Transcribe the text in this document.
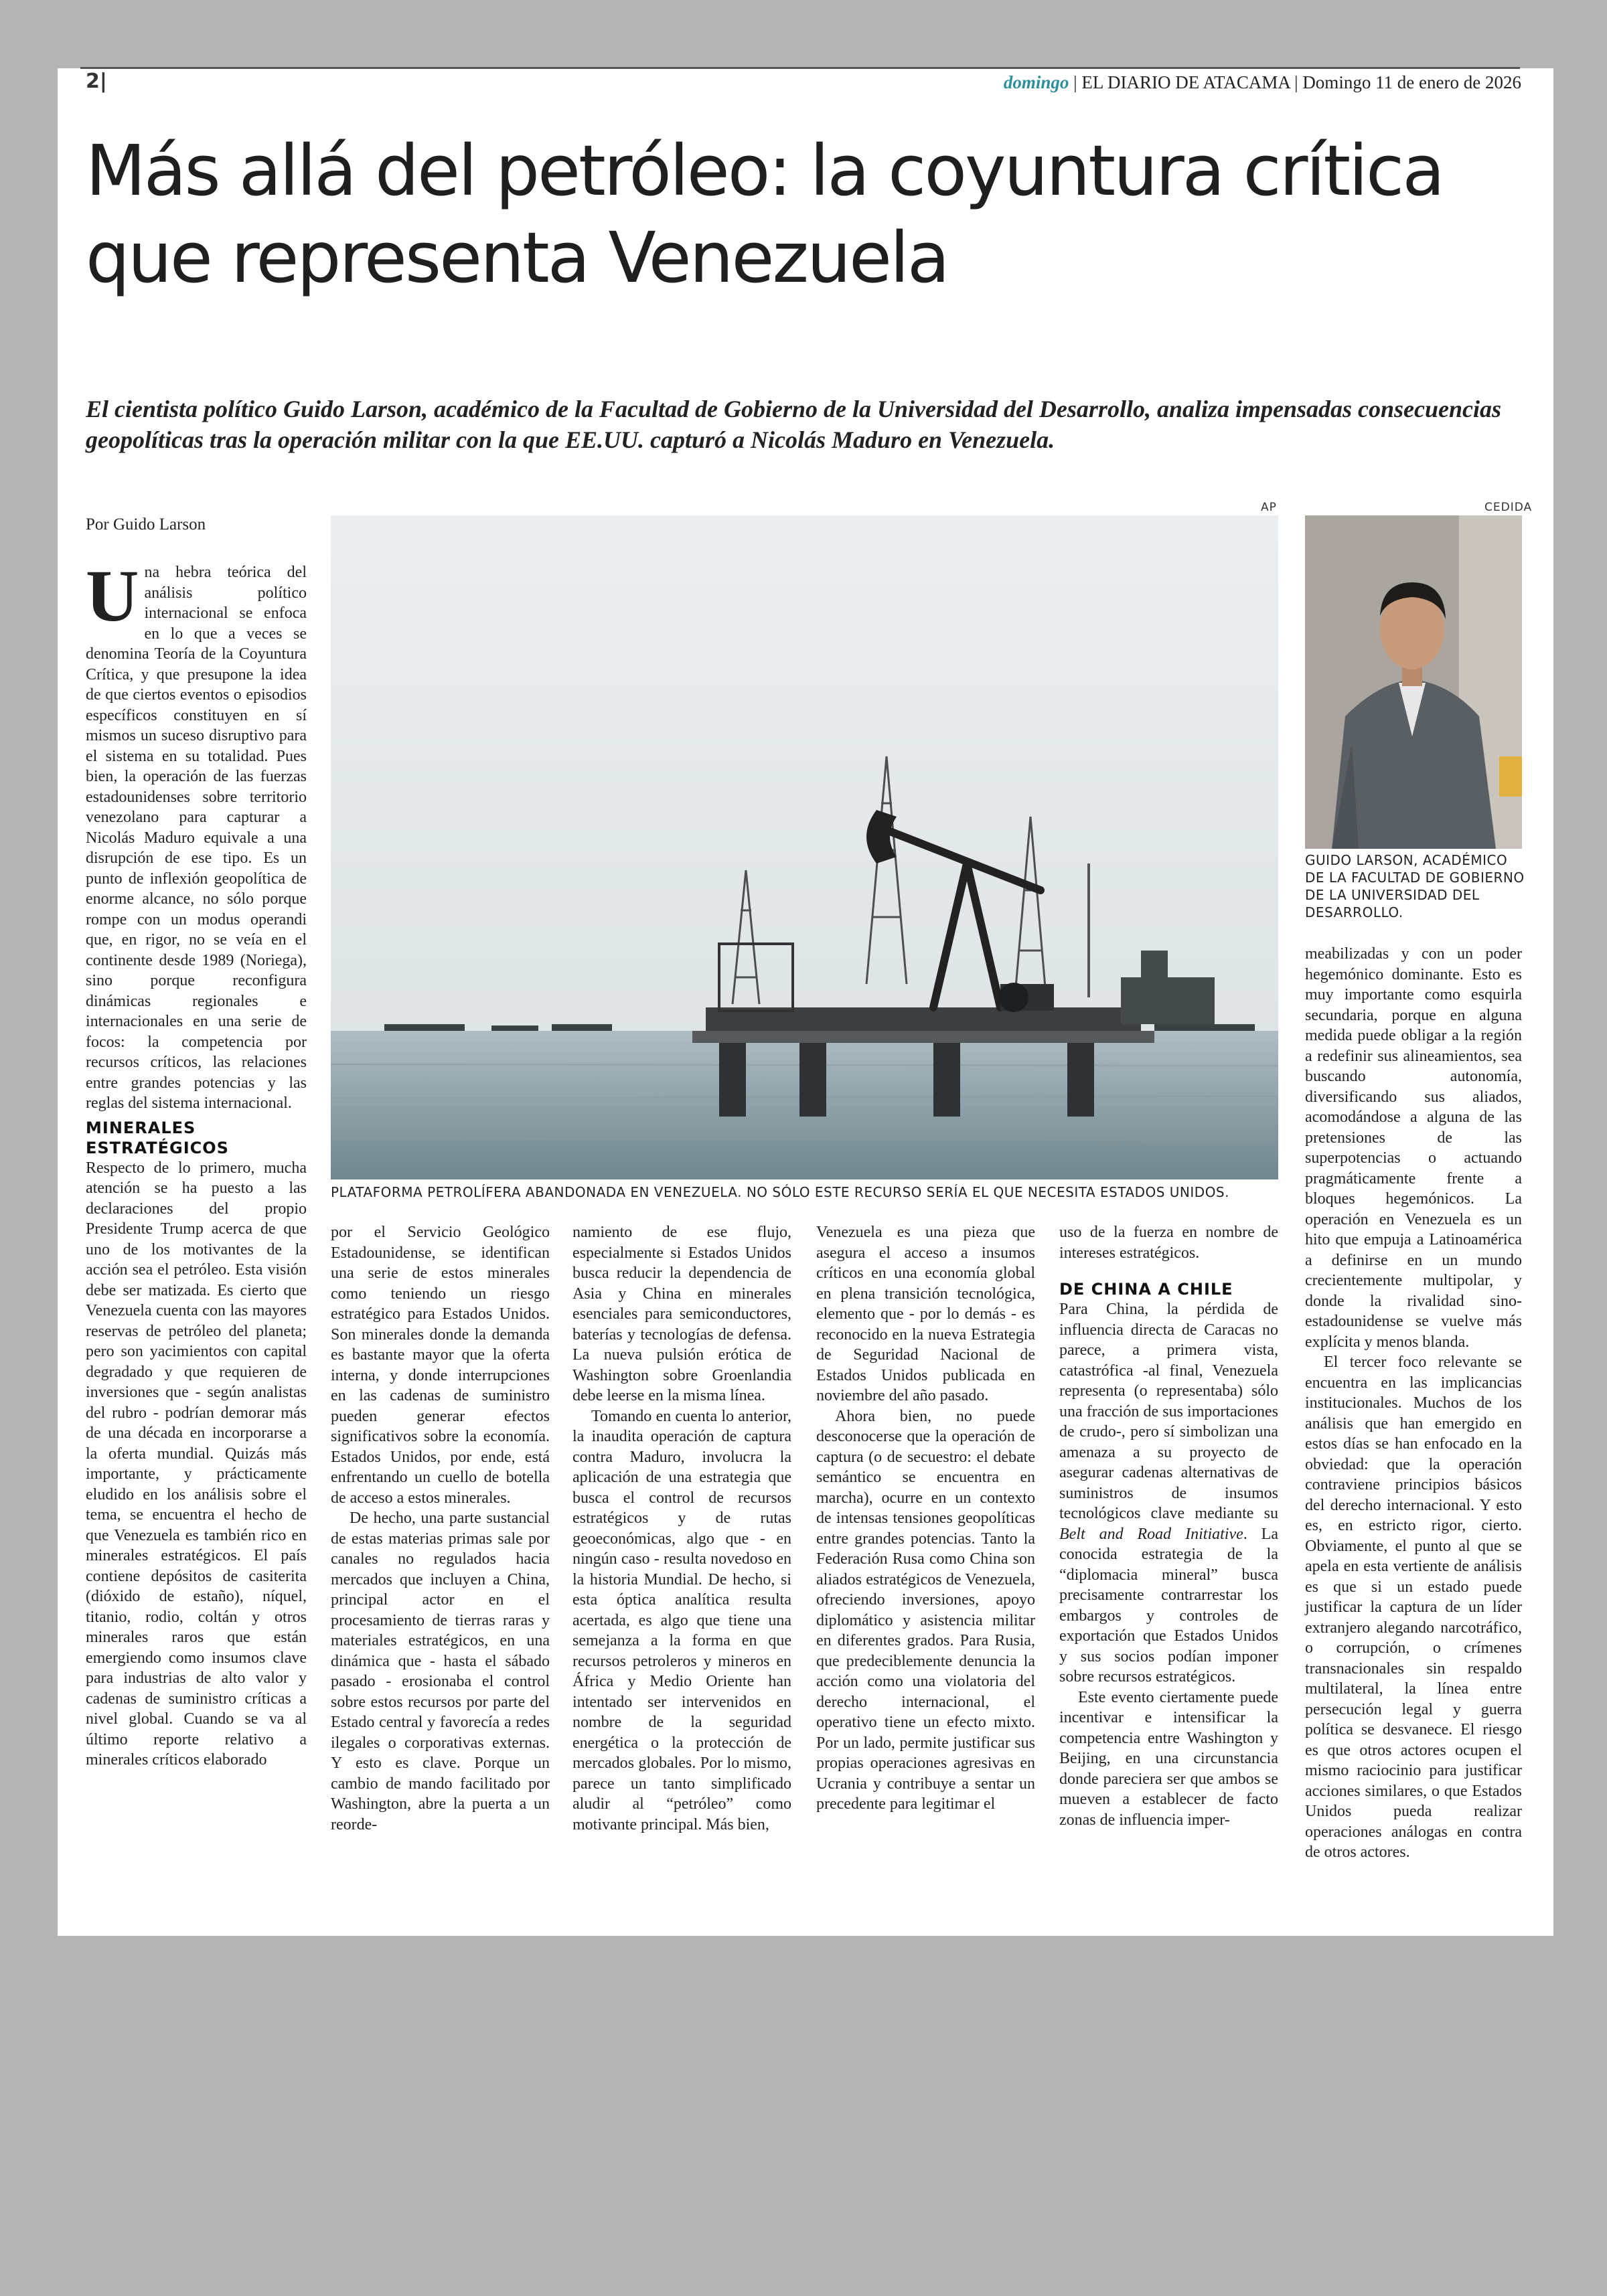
2|	domingo | EL DIARIO DE ATACAMA | Domingo 11 de enero de 2026
Más allá del petróleo: la coyuntura crítica que representa Venezuela

El cientista político Guido Larson, académico de la Facultad de Gobierno de la Universidad del Desarrollo, analiza impensadas consecuencias geopolíticas tras la operación militar con la que EE.UU. capturó a Nicolás Maduro en Venezuela.

Por Guido Larson
AP
PLATAFORMA PETROLÍFERA ABANDONADA EN VENEZUELA. NO SÓLO ESTE RECURSO SERÍA EL QUE NECESITA ESTADOS UNIDOS.
CEDIDA
GUIDO LARSON, ACADÉMICO DE LA FACULTAD DE GOBIERNO DE LA UNIVERSIDAD DEL DESARROLLO.

Una hebra teórica del análisis político internacional se enfoca en lo que a veces se denomina Teoría de la Coyuntura Crítica, y que presupone la idea de que ciertos eventos o episodios específicos constituyen en sí mismos un suceso disruptivo para el sistema en su totalidad. Pues bien, la operación de las fuerzas estadounidenses sobre territorio venezolano para capturar a Nicolás Maduro equivale a una disrupción de ese tipo. Es un punto de inflexión geopolítica de enorme alcance, no sólo porque rompe con un modus operandi que, en rigor, no se veía en el continente desde 1989 (Noriega), sino porque reconfigura dinámicas regionales e internacionales en una serie de focos: la competencia por recursos críticos, las relaciones entre grandes potencias y las reglas del sistema internacional.

MINERALES ESTRATÉGICOS

Respecto de lo primero, mucha atención se ha puesto a las declaraciones del propio Presidente Trump acerca de que uno de los motivantes de la acción sea el petróleo. Esta visión debe ser matizada. Es cierto que Venezuela cuenta con las mayores reservas de petróleo del planeta; pero son yacimientos con capital degradado y que requieren de inversiones que - según analistas del rubro - podrían demorar más de una década en incorporarse a la oferta mundial. Quizás más importante, y prácticamente eludido en los análisis sobre el tema, se encuentra el hecho de que Venezuela es también rico en minerales estratégicos. El país contiene depósitos de casiterita (dióxido de estaño), níquel, titanio, rodio, coltán y otros minerales raros que están emergiendo como insumos clave para industrias de alto valor y cadenas de suministro críticas a nivel global. Cuando se va al último reporte relativo a minerales críticos elaborado

por el Servicio Geológico Estadounidense, se identifican una serie de estos minerales como teniendo un riesgo estratégico para Estados Unidos. Son minerales donde la demanda es bastante mayor que la oferta interna, y donde interrupciones en las cadenas de suministro pueden generar efectos significativos sobre la economía. Estados Unidos, por ende, está enfrentando un cuello de botella de acceso a estos minerales.

De hecho, una parte sustancial de estas materias primas sale por canales no regulados hacia mercados que incluyen a China, principal actor en el procesamiento de tierras raras y materiales estratégicos, en una dinámica que - hasta el sábado pasado - erosionaba el control sobre estos recursos por parte del Estado central y favorecía a redes ilegales o corporativas externas. Y esto es clave. Porque un cambio de mando facilitado por Washington, abre la puerta a un reorde-

namiento de ese flujo, especialmente si Estados Unidos busca reducir la dependencia de Asia y China en minerales esenciales para semiconductores, baterías y tecnologías de defensa. La nueva pulsión erótica de Washington sobre Groenlandia debe leerse en la misma línea.

Tomando en cuenta lo anterior, la inaudita operación de captura contra Maduro, involucra la aplicación de una estrategia que busca el control de recursos estratégicos y de rutas geoeconómicas, algo que - en ningún caso - resulta novedoso en la historia Mundial. De hecho, si esta óptica analítica resulta acertada, es algo que tiene una semejanza a la forma en que recursos petroleros y mineros en África y Medio Oriente han intentado ser intervenidos en nombre de la seguridad energética o la protección de mercados globales. Por lo mismo, parece un tanto simplificado aludir al “petróleo” como motivante principal. Más bien,

Venezuela es una pieza que asegura el acceso a insumos críticos en una economía global en plena transición tecnológica, elemento que - por lo demás - es reconocido en la nueva Estrategia de Seguridad Nacional de Estados Unidos publicada en noviembre del año pasado.

Ahora bien, no puede desconocerse que la operación de captura (o de secuestro: el debate semántico se encuentra en marcha), ocurre en un contexto de intensas tensiones geopolíticas entre grandes potencias. Tanto la Federación Rusa como China son aliados estratégicos de Venezuela, ofreciendo inversiones, apoyo diplomático y asistencia militar en diferentes grados. Para Rusia, que predeciblemente denuncia la acción como una violatoria del derecho internacional, el operativo tiene un efecto mixto. Por un lado, permite justificar sus propias operaciones agresivas en Ucrania y contribuye a sentar un precedente para legitimar el

uso de la fuerza en nombre de intereses estratégicos.

DE CHINA A CHILE

Para China, la pérdida de influencia directa de Caracas no parece, a primera vista, catastrófica -al final, Venezuela representa (o representaba) sólo una fracción de sus importaciones de crudo-, pero sí simbolizan una amenaza a su proyecto de asegurar cadenas alternativas de suministros de insumos tecnológicos clave mediante su Belt and Road Initiative. La conocida estrategia de la “diplomacia mineral” busca precisamente contrarrestar los embargos y controles de exportación que Estados Unidos y sus socios podían imponer sobre recursos estratégicos.

Este evento ciertamente puede incentivar e intensificar la competencia entre Washington y Beijing, en una circunstancia donde pareciera ser que ambos se mueven a establecer de facto zonas de influencia imper-

meabilizadas y con un poder hegemónico dominante. Esto es muy importante como esquirla secundaria, porque en alguna medida puede obligar a la región a redefinir sus alineamientos, sea buscando autonomía, diversificando sus aliados, acomodándose a alguna de las pretensiones de las superpotencias o actuando pragmáticamente frente a bloques hegemónicos. La operación en Venezuela es un hito que empuja a Latinoamérica a definirse en un mundo crecientemente multipolar, y donde la rivalidad sino-estadounidense se vuelve más explícita y menos blanda.

El tercer foco relevante se encuentra en las implicancias institucionales. Muchos de los análisis que han emergido en estos días se han enfocado en la obviedad: que la operación contraviene principios básicos del derecho internacional. Y esto es, en estricto rigor, cierto. Obviamente, el punto al que se apela en esta vertiente de análisis es que si un estado puede justificar la captura de un líder extranjero alegando narcotráfico, o corrupción, o crímenes transnacionales sin respaldo multilateral, la línea entre persecución legal y guerra política se desvanece. El riesgo es que otros actores ocupen el mismo raciocinio para justificar acciones similares, o que Estados Unidos pueda realizar operaciones análogas en contra de otros actores.
